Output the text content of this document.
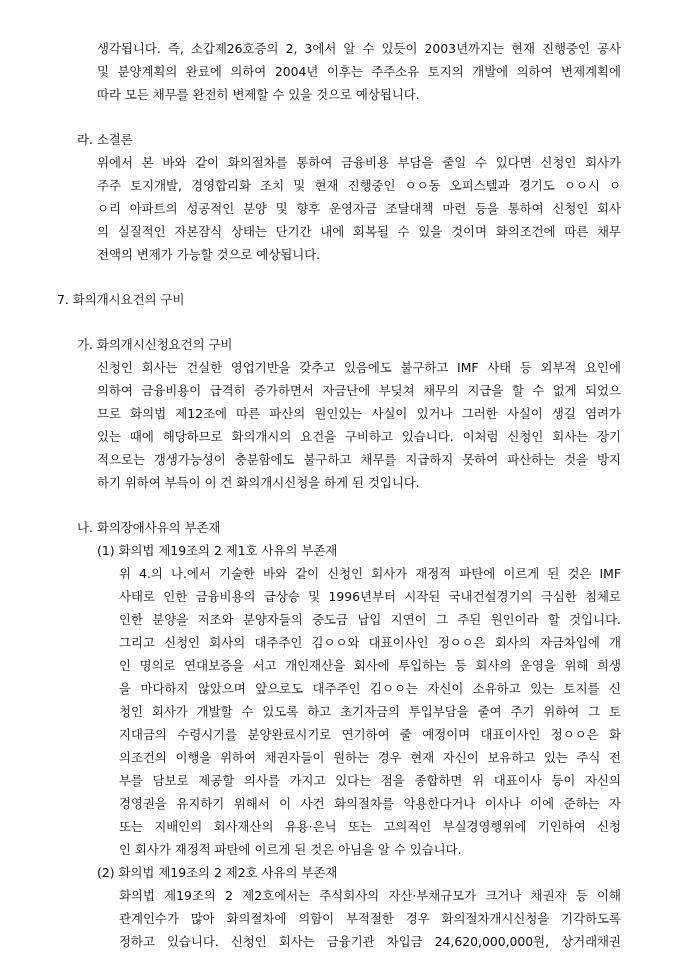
생각됩니다. 즉, 소갑제26호증의 2, 3에서 알 수 있듯이 2003년까지는 현재 진행중인 공사
및 분양계획의 완료에 의하여 2004년 이후는 주주소유 토지의 개발에 의하여 변제계획에
따라 모든 채무를 완전히 변제할 수 있을 것으로 예상됩니다.
라. 소결론
위에서 본 바와 같이 화의절차를 통하여 금융비용 부담을 줄일 수 있다면 신청인 회사가
주주 토지개발, 경영합리화 조치 및 현재 진행중인 ㅇㅇ동 오피스텔과 경기도 ㅇㅇ시 ㅇ
ㅇ리 아파트의 성공적인 분양 및 향후 운영자금 조달대책 마련 등을 통하여 신청인 회사
의 실질적인 자본잠식 상태는 단기간 내에 회복될 수 있을 것이며 화의조건에 따른 채무
전액의 변제가 가능할 것으로 예상됩니다.
7. 화의개시요건의 구비
가. 화의개시신청요건의 구비
신청인 회사는 건실한 영업기반을 갖추고 있음에도 불구하고 IMF 사태 등 외부적 요인에
의하여 금융비용이 급격히 증가하면서 자금난에 부딪쳐 채무의 지급을 할 수 없게 되었으
므로 화의법 제12조에 따른 파산의 원인있는 사실이 있거나 그러한 사실이 생길 염려가
있는 때에 해당하므로 화의개시의 요건을 구비하고 있습니다. 이처럼 신청인 회사는 장기
적으로는 갱생가능성이 충분함에도 불구하고 채무를 지급하지 못하여 파산하는 것을 방지
하기 위하여 부득이 이 건 화의개시신청을 하게 된 것입니다.
나. 화의장애사유의 부존재
(1) 화의법 제19조의 2 제1호 사유의 부존재
위 4.의 나.에서 기술한 바와 같이 신청인 회사가 재정적 파탄에 이르게 된 것은 IMF
사태로 인한 금융비용의 급상승 및 1996년부터 시작된 국내건설경기의 극심한 침체로
인한 분양을 저조와 분양자들의 중도금 납입 지연이 그 주된 원인이라 할 것입니다.
그리고 신청인 회사의 대주주인 김ㅇㅇ와 대표이사인 정ㅇㅇ은 회사의 자금차입에 개
인 명의로 연대보증을 서고 개인재산을 회사에 투입하는 등 회사의 운영을 위해 희생
을 마다하지 않았으며 앞으로도 대주주인 김ㅇㅇ는 자신이 소유하고 있는 토지를 신
청인 회사가 개발할 수 있도록 하고 초기자금의 투입부담을 줄여 주기 위하여 그 토
지대금의 수령시기를 분양완료시기로 연기하여 줄 예정이며 대표이사인 정ㅇㅇ은 화
의조건의 이행을 위하여 채권자들이 원하는 경우 현재 자신이 보유하고 있는 주식 전
부를 담보로 제공할 의사를 가지고 있다는 점을 종합하면 위 대표이사 등이 자신의
경영권을 유지하기 위해서 이 사건 화의절차를 악용한다거나 이사나 이에 준하는 자
또는 지배인의 회사재산의 유용·은닉 또는 고의적인 부실경영행위에 기인하여 신청
인 회사가 재정적 파탄에 이르게 된 것은 아님을 알 수 있습니다.
(2) 화의법 제19조의 2 제2호 사유의 부존재
화의법 제19조의 2 제2호에서는 주식회사의 자산·부채규모가 크거나 채권자 등 이해
관계인수가 많아 화의절차에 의함이 부적절한 경우 화의절차개시신청을 기각하도록
정하고 있습니다. 신청인 회사는 금융기관 차입금 24,620,000,000원, 상거래채권
